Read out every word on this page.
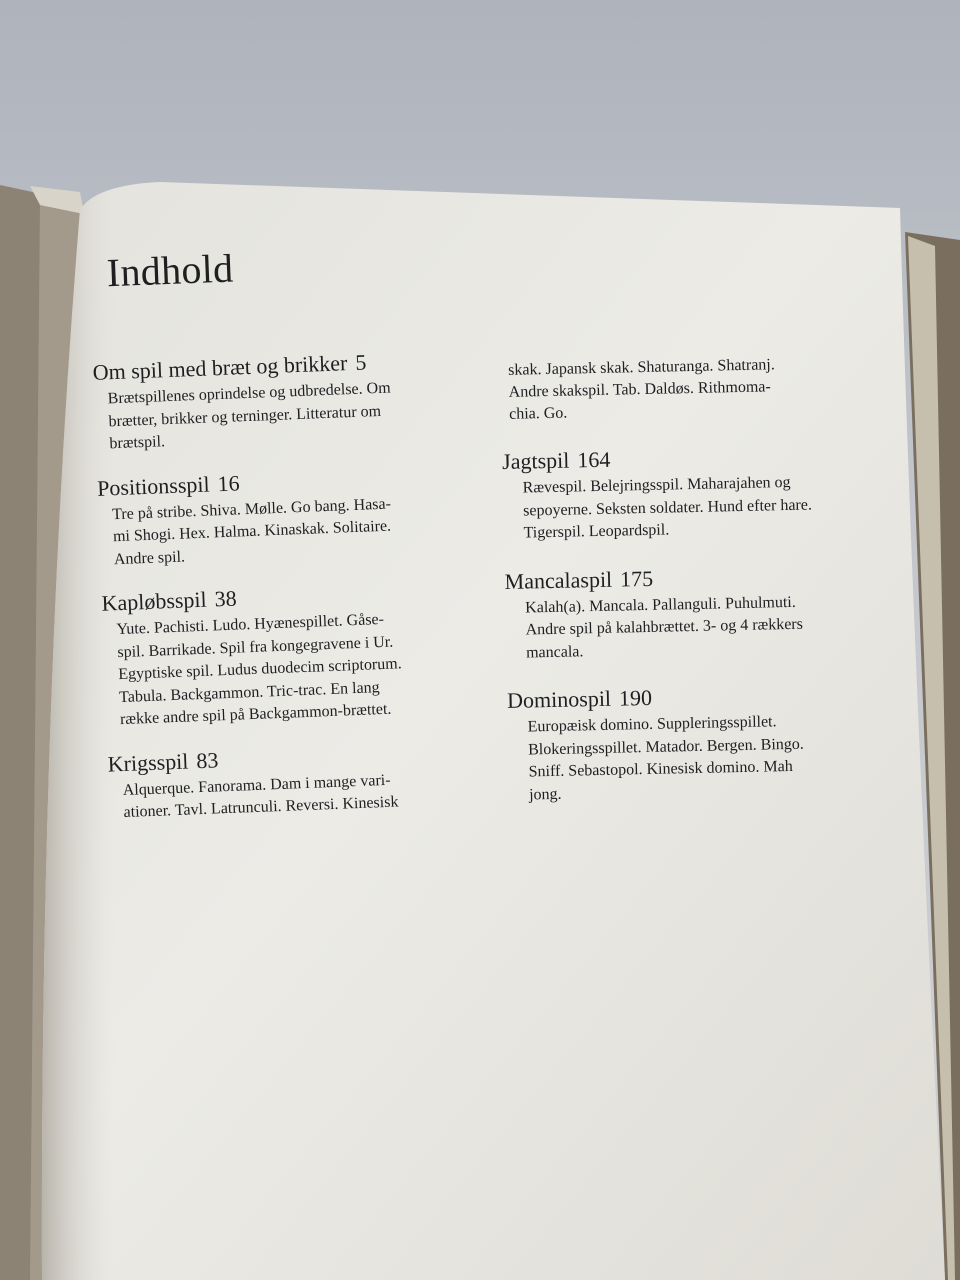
Indhold

Om spil med bræt og brikker 5

Brætspillenes oprindelse og udbredelse. Om
brætter, brikker og terninger. Litteratur om
brætspil.

Positionsspil 16

Tre på stribe. Shiva. Mølle. Go bang. Hasa-
mi Shogi. Hex. Halma. Kinaskak. Solitaire.
Andre spil.

Kapløbsspil 38

Yute. Pachisti. Ludo. Hyænespillet. Gåse-
spil. Barrikade. Spil fra kongegravene i Ur.
Egyptiske spil. Ludus duodecim scriptorum.
Tabula. Backgammon. Tric-trac. En lang
række andre spil på Backgammon-brættet.

Krigsspil 83

Alquerque. Fanorama. Dam i mange vari-
ationer. Tavl. Latrunculi. Reversi. Kinesisk
skak. Japansk skak. Shaturanga. Shatranj.
Andre skakspil. Tab. Daldøs. Rithmoma-
chia. Go.

Jagtspil 164

Rævespil. Belejringsspil. Maharajahen og
sepoyerne. Seksten soldater. Hund efter hare.
Tigerspil. Leopardspil.

Mancalaspil 175

Kalah(a). Mancala. Pallanguli. Puhulmuti.
Andre spil på kalahbrættet. 3- og 4 rækkers
mancala.

Dominospil 190

Europæisk domino. Suppleringsspillet.
Blokeringsspillet. Matador. Bergen. Bingo.
Sniff. Sebastopol. Kinesisk domino. Mah
jong.
